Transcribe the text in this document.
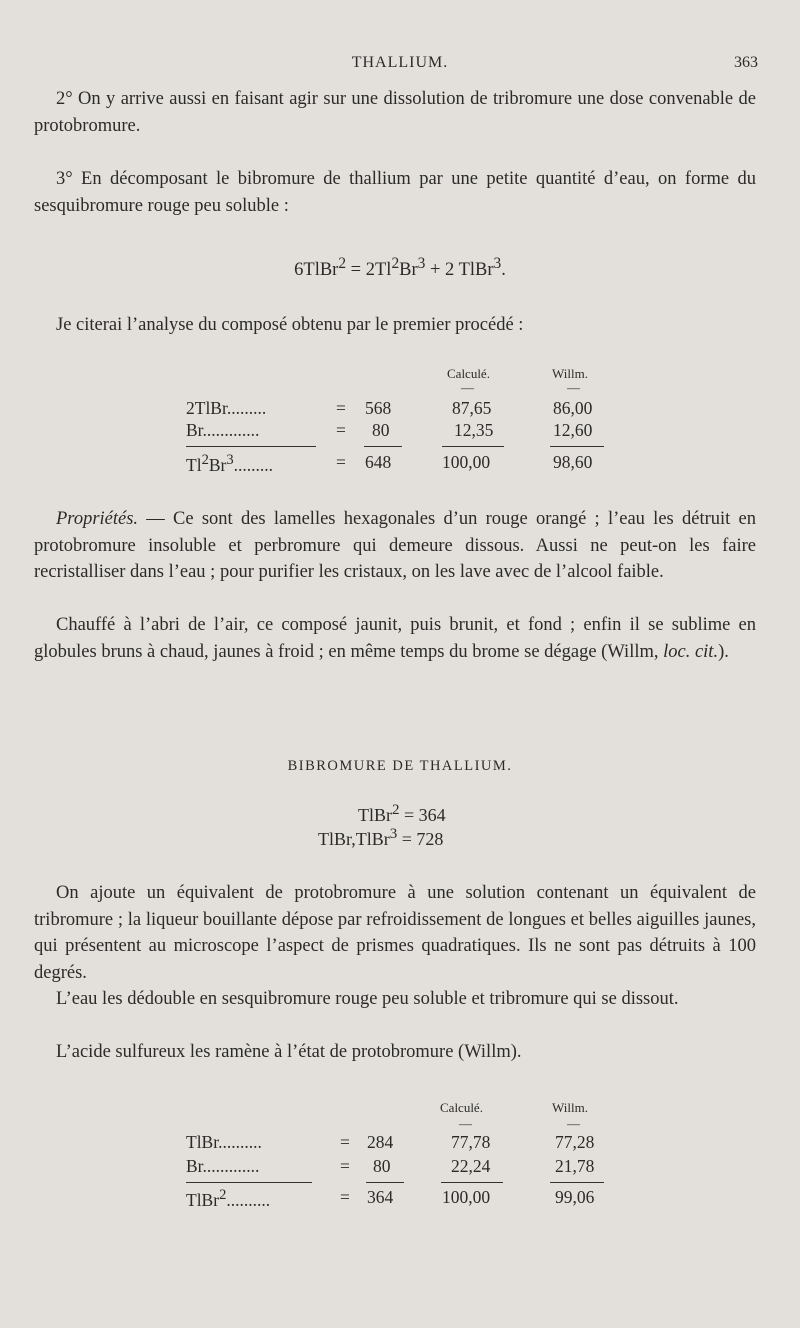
THALLIUM.	363

2° On y arrive aussi en faisant agir sur une dissolution de tribromure une dose convenable de protobromure.

3° En décomposant le bibromure de thallium par une petite quantité d’eau, on forme du sesquibromure rouge peu soluble :

6TlBr$^2$ = $2Tl^2Br^3 + 2$ TlBr$^3$.

Je citerai l’analyse du composé obtenu par le premier procédé :

Calculé.	Willm.
—	—
2TlBr.........	= 568	87,65	86,00
Br.............	= 80	12,35	12,60
$Tl^2Br^3$.........	= 648	100,00	98,60

Propriétés. — Ce sont des lamelles hexagonales d’un rouge orangé ; l’eau les détruit en protobromure insoluble et perbromure qui demeure dissous. Aussi ne peut-on les faire recristalliser dans l’eau ; pour purifier les cristaux, on les lave avec de l’alcool faible.

Chauffé à l’abri de l’air, ce composé jaunit, puis brunit, et fond ; enfin il se sublime en globules bruns à chaud, jaunes à froid ; en même temps du brome se dégage (Willm, loc. cit.).

BIBROMURE DE THALLIUM.
TlBr$^2$ = 364
TlBr,TlBr$^3$ = 728

On ajoute un équivalent de protobromure à une solution contenant un équivalent de tribromure ; la liqueur bouillante dépose par refroidissement de longues et belles aiguilles jaunes, qui présentent au microscope l’aspect de prismes quadratiques. Ils ne sont pas détruits à 100 degrés.

L’eau les dédouble en sesquibromure rouge peu soluble et tribromure qui se dissout.

L’acide sulfureux les ramène à l’état de protobromure (Willm).

Calculé.	Willm.
—	—
TlBr..........	= 284	77,78	77,28
Br.............	= 80	22,24	21,78
TlBr$^2$..........	= 364	100,00	99,06
